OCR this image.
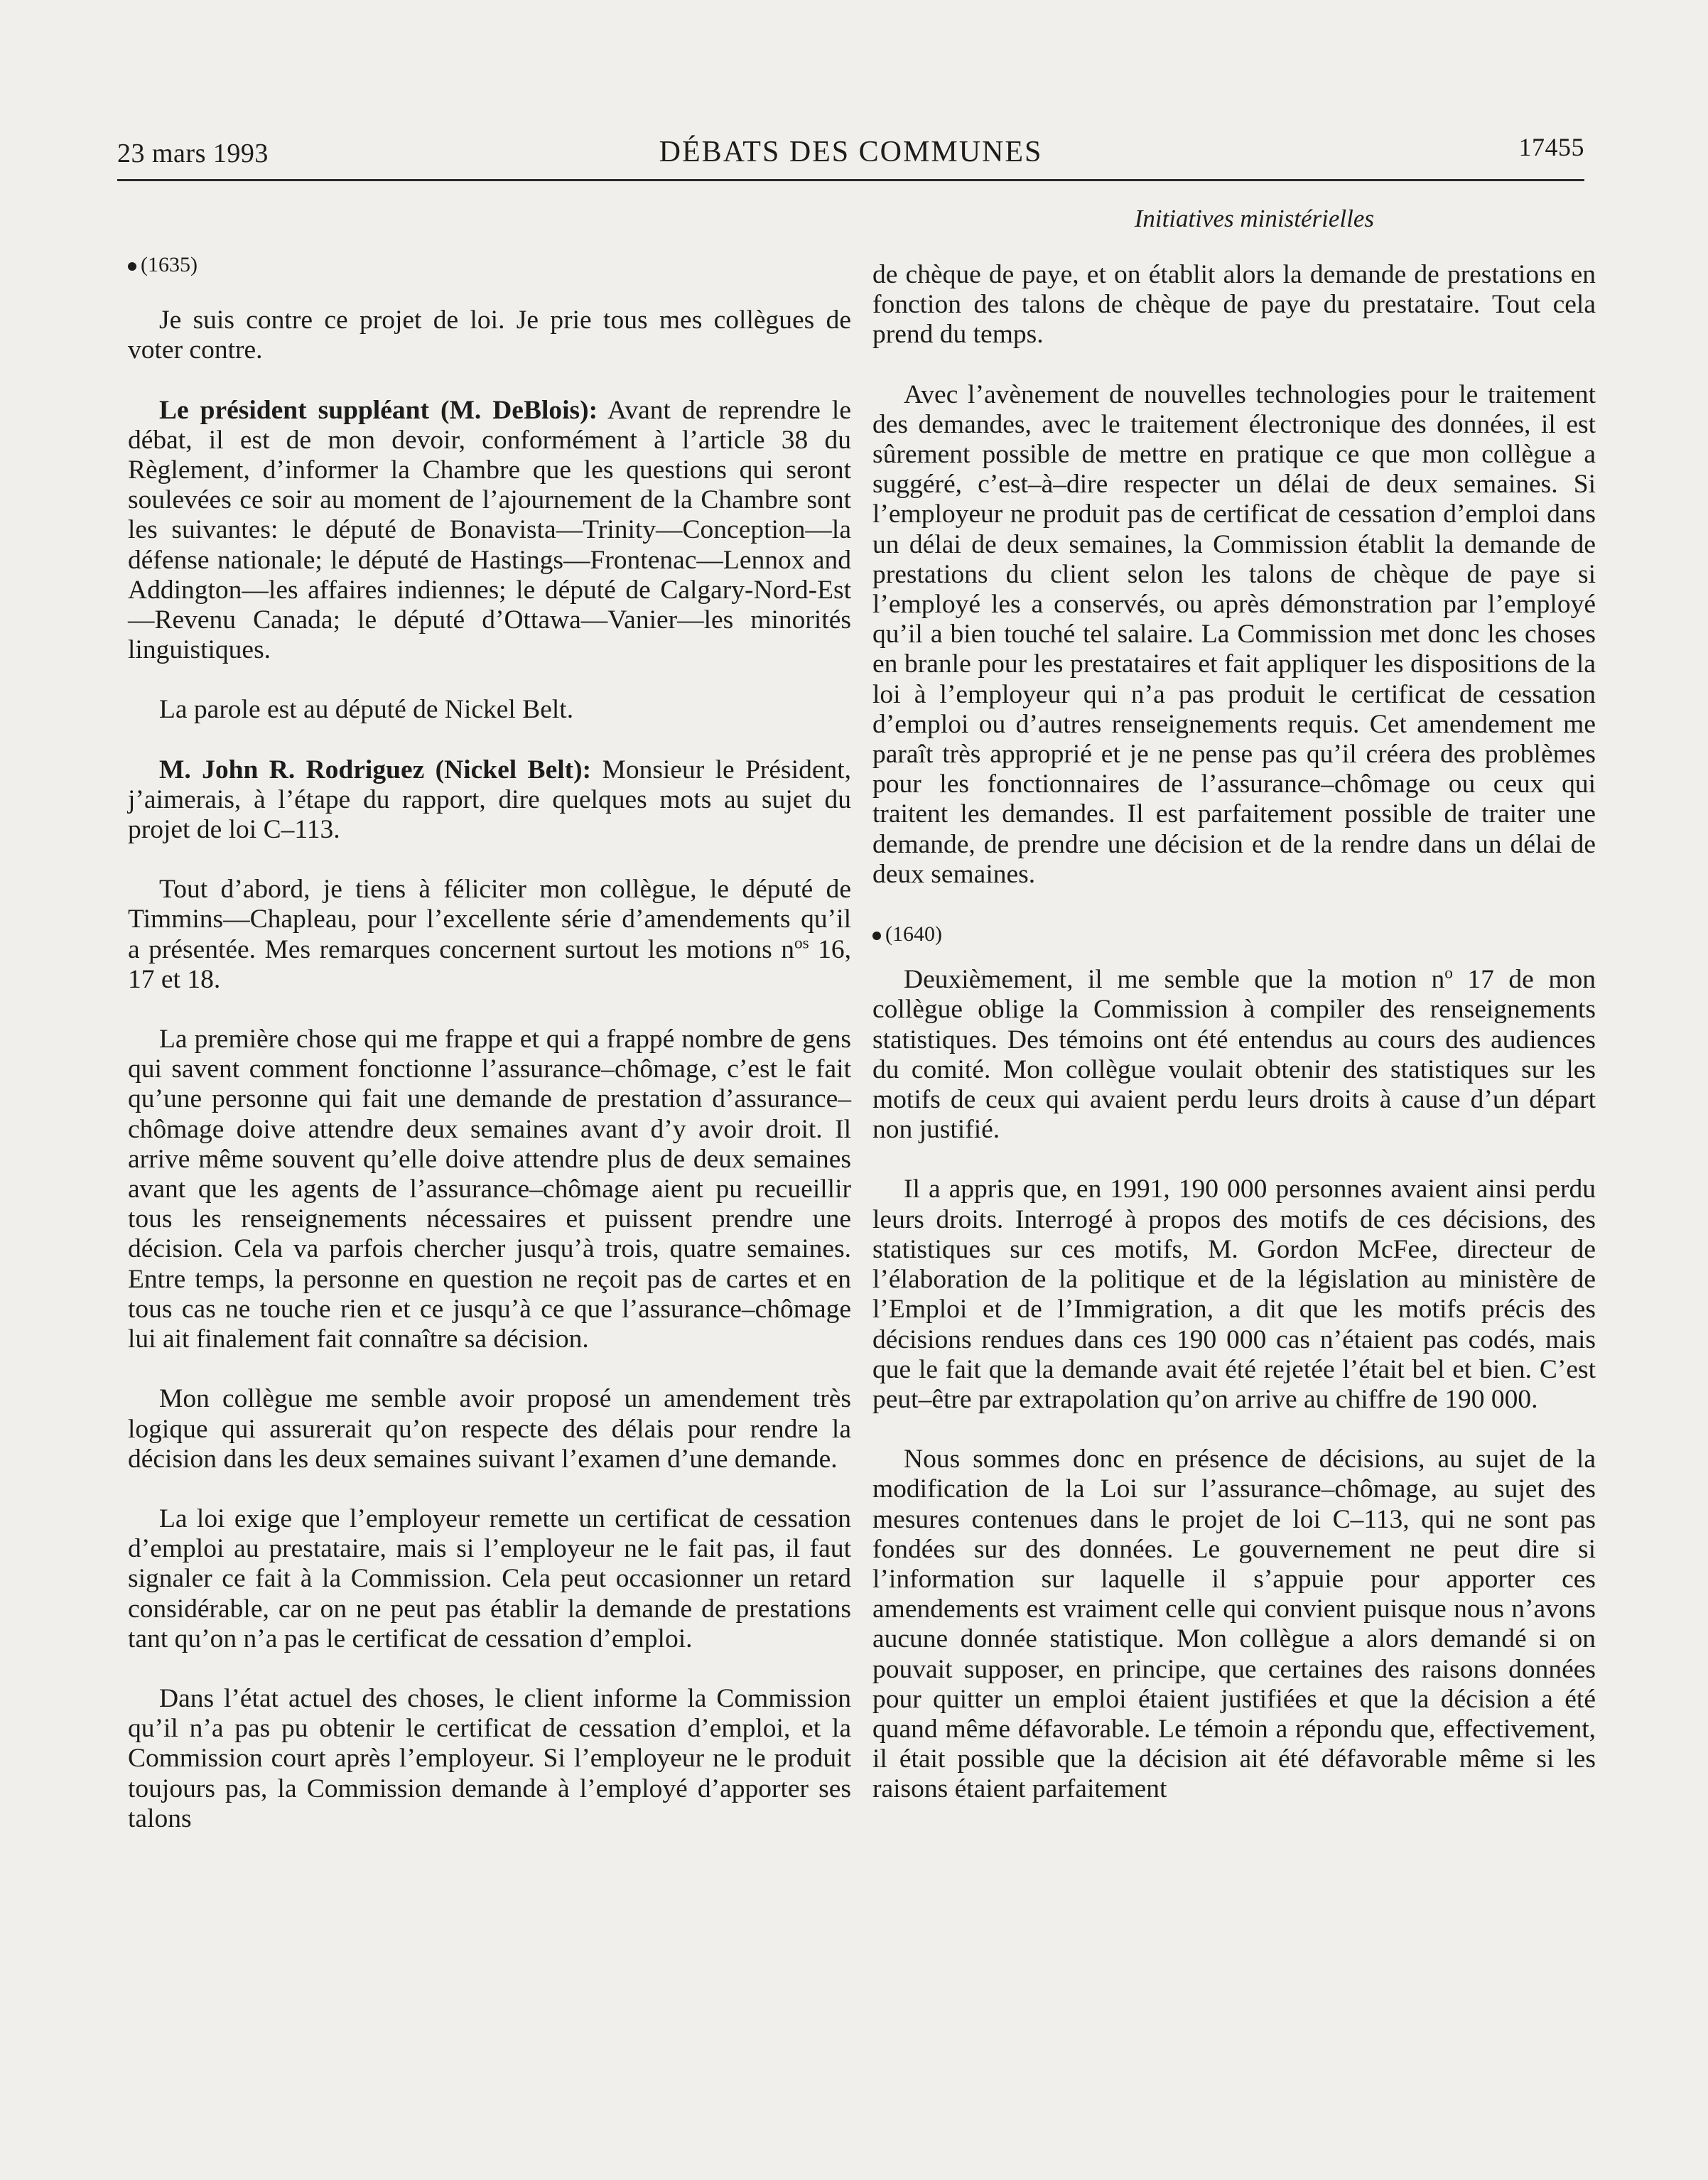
23 mars 1993	DÉBATS DES COMMUNES	17455
Initiatives ministérielles

(1635)

Je suis contre ce projet de loi. Je prie tous mes collègues de voter contre.

Le président suppléant (M. DeBlois): Avant de reprendre le débat, il est de mon devoir, conformément à l’article 38 du Règlement, d’informer la Chambre que les questions qui seront soulevées ce soir au moment de l’ajournement de la Chambre sont les suivantes: le député de Bonavista—Trinity—Conception—la défense nationale; le député de Hastings—Frontenac—Lennox and Addington—les affaires indiennes; le député de Calgary-Nord-Est—Revenu Canada; le député d’Ottawa—Vanier—les minorités linguistiques.

La parole est au député de Nickel Belt.

M. John R. Rodriguez (Nickel Belt): Monsieur le Président, j’aimerais, à l’étape du rapport, dire quelques mots au sujet du projet de loi C–113.

Tout d’abord, je tiens à féliciter mon collègue, le député de Timmins—Chapleau, pour l’excellente série d’amendements qu’il a présentée. Mes remarques concernent surtout les motions $n^{os}$ 16, 17 et 18.

La première chose qui me frappe et qui a frappé nombre de gens qui savent comment fonctionne l’assurance–chômage, c’est le fait qu’une personne qui fait une demande de prestation d’assurance–chômage doive attendre deux semaines avant d’y avoir droit. Il arrive même souvent qu’elle doive attendre plus de deux semaines avant que les agents de l’assurance–chômage aient pu recueillir tous les renseignements nécessaires et puissent prendre une décision. Cela va parfois chercher jusqu’à trois, quatre semaines. Entre temps, la personne en question ne reçoit pas de cartes et en tous cas ne touche rien et ce jusqu’à ce que l’assurance–chômage lui ait finalement fait connaître sa décision.

Mon collègue me semble avoir proposé un amendement très logique qui assurerait qu’on respecte des délais pour rendre la décision dans les deux semaines suivant l’examen d’une demande.

La loi exige que l’employeur remette un certificat de cessation d’emploi au prestataire, mais si l’employeur ne le fait pas, il faut signaler ce fait à la Commission. Cela peut occasionner un retard considérable, car on ne peut pas établir la demande de prestations tant qu’on n’a pas le certificat de cessation d’emploi.

Dans l’état actuel des choses, le client informe la Commission qu’il n’a pas pu obtenir le certificat de cessation d’emploi, et la Commission court après l’employeur. Si l’employeur ne le produit toujours pas, la Commission demande à l’employé d’apporter ses talons

de chèque de paye, et on établit alors la demande de prestations en fonction des talons de chèque de paye du prestataire. Tout cela prend du temps.

Avec l’avènement de nouvelles technologies pour le traitement des demandes, avec le traitement électronique des données, il est sûrement possible de mettre en pratique ce que mon collègue a suggéré, c’est–à–dire respecter un délai de deux semaines. Si l’employeur ne produit pas de certificat de cessation d’emploi dans un délai de deux semaines, la Commission établit la demande de prestations du client selon les talons de chèque de paye si l’employé les a conservés, ou après démonstration par l’employé qu’il a bien touché tel salaire. La Commission met donc les choses en branle pour les prestataires et fait appliquer les dispositions de la loi à l’employeur qui n’a pas produit le certificat de cessation d’emploi ou d’autres renseignements requis. Cet amendement me paraît très approprié et je ne pense pas qu’il créera des problèmes pour les fonctionnaires de l’assurance–chômage ou ceux qui traitent les demandes. Il est parfaitement possible de traiter une demande, de prendre une décision et de la rendre dans un délai de deux semaines.

(1640)

Deuxièmement, il me semble que la motion $n^o$ 17 de mon collègue oblige la Commission à compiler des renseignements statistiques. Des témoins ont été entendus au cours des audiences du comité. Mon collègue voulait obtenir des statistiques sur les motifs de ceux qui avaient perdu leurs droits à cause d’un départ non justifié.

Il a appris que, en 1991, 190 000 personnes avaient ainsi perdu leurs droits. Interrogé à propos des motifs de ces décisions, des statistiques sur ces motifs, M. Gordon McFee, directeur de l’élaboration de la politique et de la législation au ministère de l’Emploi et de l’Immigration, a dit que les motifs précis des décisions rendues dans ces 190 000 cas n’étaient pas codés, mais que le fait que la demande avait été rejetée l’était bel et bien. C’est peut–être par extrapolation qu’on arrive au chiffre de 190 000.

Nous sommes donc en présence de décisions, au sujet de la modification de la Loi sur l’assurance–chômage, au sujet des mesures contenues dans le projet de loi C–113, qui ne sont pas fondées sur des données. Le gouvernement ne peut dire si l’information sur laquelle il s’appuie pour apporter ces amendements est vraiment celle qui convient puisque nous n’avons aucune donnée statistique. Mon collègue a alors demandé si on pouvait supposer, en principe, que certaines des raisons données pour quitter un emploi étaient justifiées et que la décision a été quand même défavorable. Le témoin a répondu que, effectivement, il était possible que la décision ait été défavorable même si les raisons étaient parfaitement
